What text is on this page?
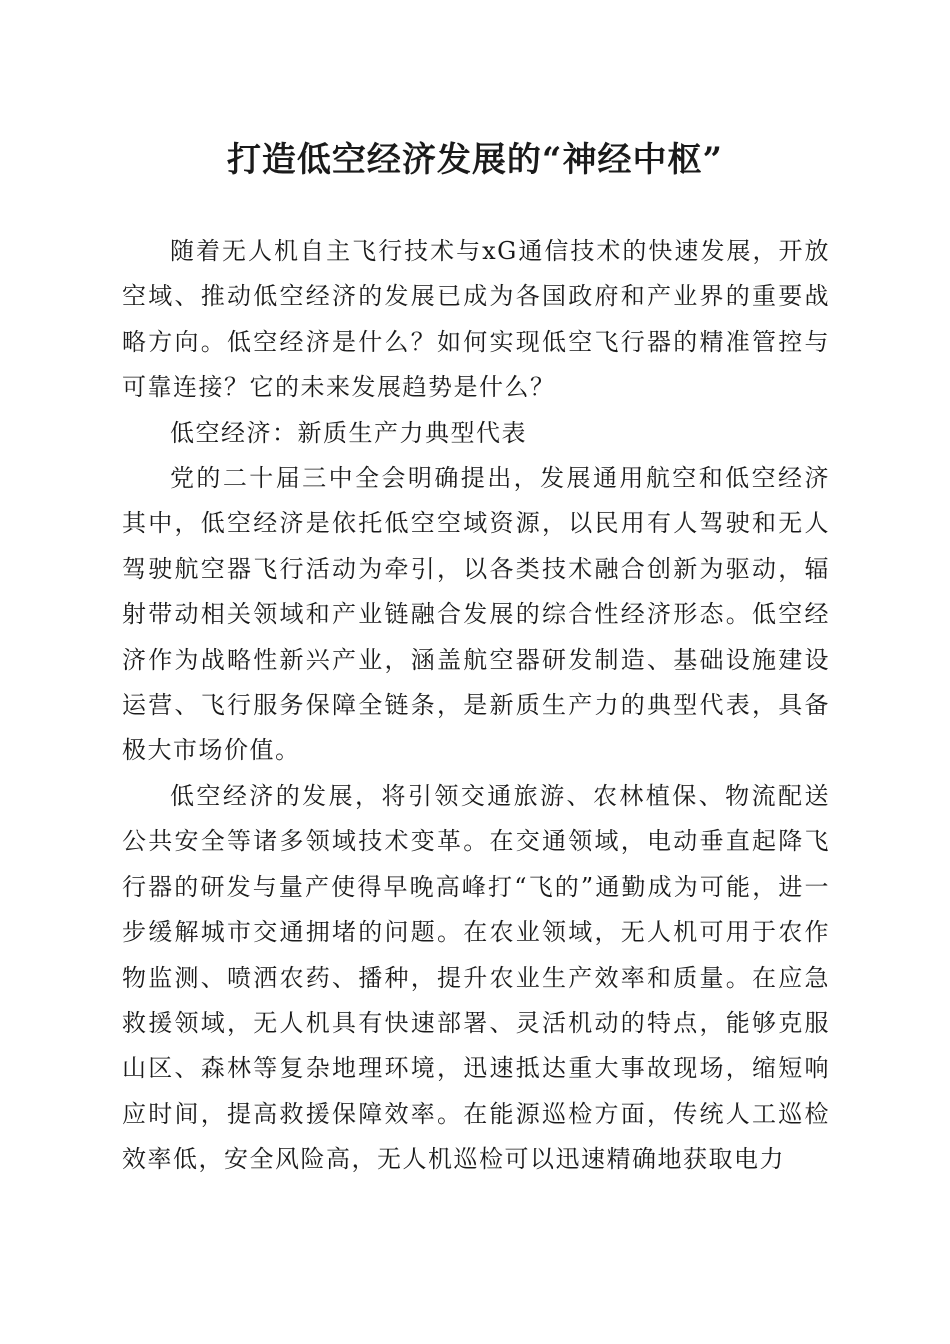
打造低空经济发展的“神经中枢”

随着无人机自主飞行技术与xG通信技术的快速发展，开放空域、推动低空经济的发展已成为各国政府和产业界的重要战略方向。低空经济是什么？如何实现低空飞行器的精准管控与可靠连接？它的未来发展趋势是什么？

低空经济：新质生产力典型代表

党的二十届三中全会明确提出，发展通用航空和低空经济其中，低空经济是依托低空空域资源，以民用有人驾驶和无人驾驶航空器飞行活动为牵引，以各类技术融合创新为驱动，辐射带动相关领域和产业链融合发展的综合性经济形态。低空经济作为战略性新兴产业，涵盖航空器研发制造、基础设施建设运营、飞行服务保障全链条，是新质生产力的典型代表，具备极大市场价值。

低空经济的发展，将引领交通旅游、农林植保、物流配送公共安全等诸多领域技术变革。在交通领域，电动垂直起降飞行器的研发与量产使得早晚高峰打“飞的”通勤成为可能，进一步缓解城市交通拥堵的问题。在农业领域，无人机可用于农作物监测、喷洒农药、播种，提升农业生产效率和质量。在应急救援领域，无人机具有快速部署、灵活机动的特点，能够克服山区、森林等复杂地理环境，迅速抵达重大事故现场，缩短响应时间，提高救援保障效率。在能源巡检方面，传统人工巡检效率低，安全风险高，无人机巡检可以迅速精确地获取电力
